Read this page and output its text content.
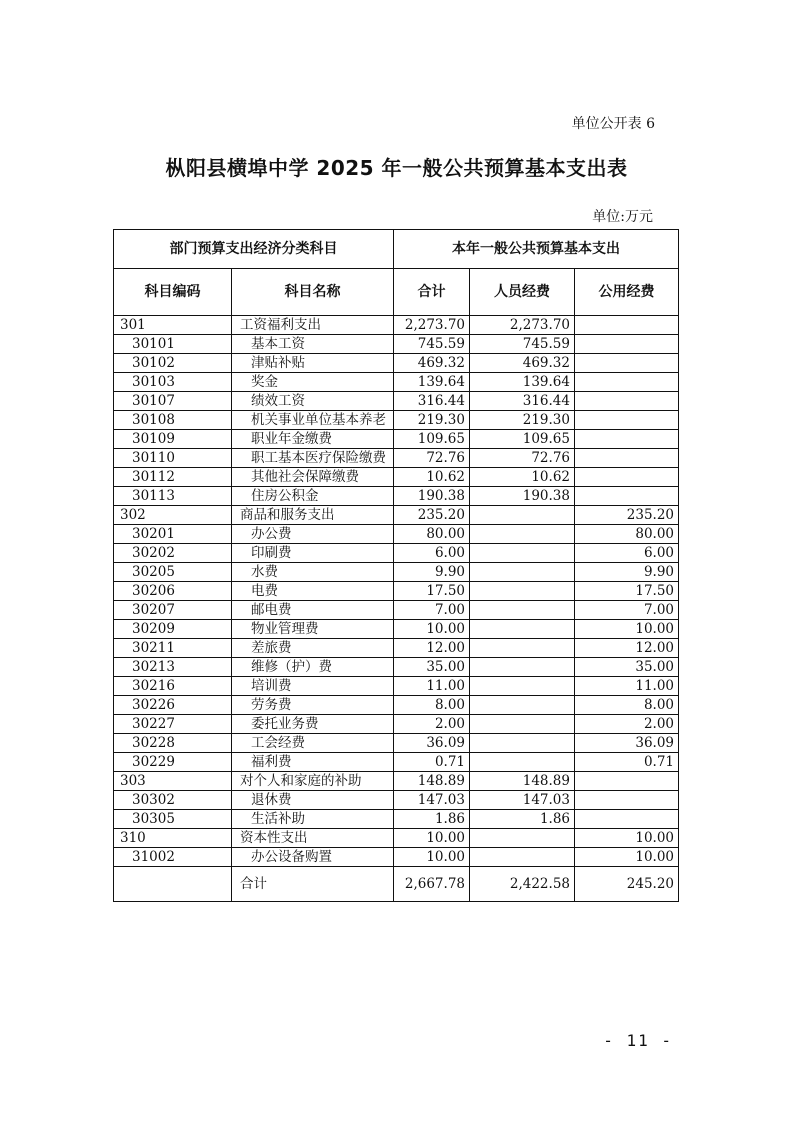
单位公开表 6
枞阳县横埠中学 2025 年一般公共预算基本支出表
单位:万元
部门预算支出经济分类科目		本年一般公共预算基本支出		
科目编码	科目名称	合计	人员经费	公用经费
301	工资福利支出	2,273.70	2,273.70	
30101	基本工资	745.59	745.59	
30102	津贴补贴	469.32	469.32	
30103	奖金	139.64	139.64	
30107	绩效工资	316.44	316.44	
30108	机关事业单位基本养老	219.30	219.30	
30109	职业年金缴费	109.65	109.65	
30110	职工基本医疗保险缴费	72.76	72.76	
30112	其他社会保障缴费	10.62	10.62	
30113	住房公积金	190.38	190.38	
302	商品和服务支出	235.20		235.20
30201	办公费	80.00		80.00
30202	印刷费	6.00		6.00
30205	水费	9.90		9.90
30206	电费	17.50		17.50
30207	邮电费	7.00		7.00
30209	物业管理费	10.00		10.00
30211	差旅费	12.00		12.00
30213	维修（护）费	35.00		35.00
30216	培训费	11.00		11.00
30226	劳务费	8.00		8.00
30227	委托业务费	2.00		2.00
30228	工会经费	36.09		36.09
30229	福利费	0.71		0.71
303	对个人和家庭的补助	148.89	148.89	
30302	退休费	147.03	147.03	
30305	生活补助	1.86	1.86	
310	资本性支出	10.00		10.00
31002	办公设备购置	10.00		10.00
	合计	2,667.78	2,422.58	245.20
- 11 -
